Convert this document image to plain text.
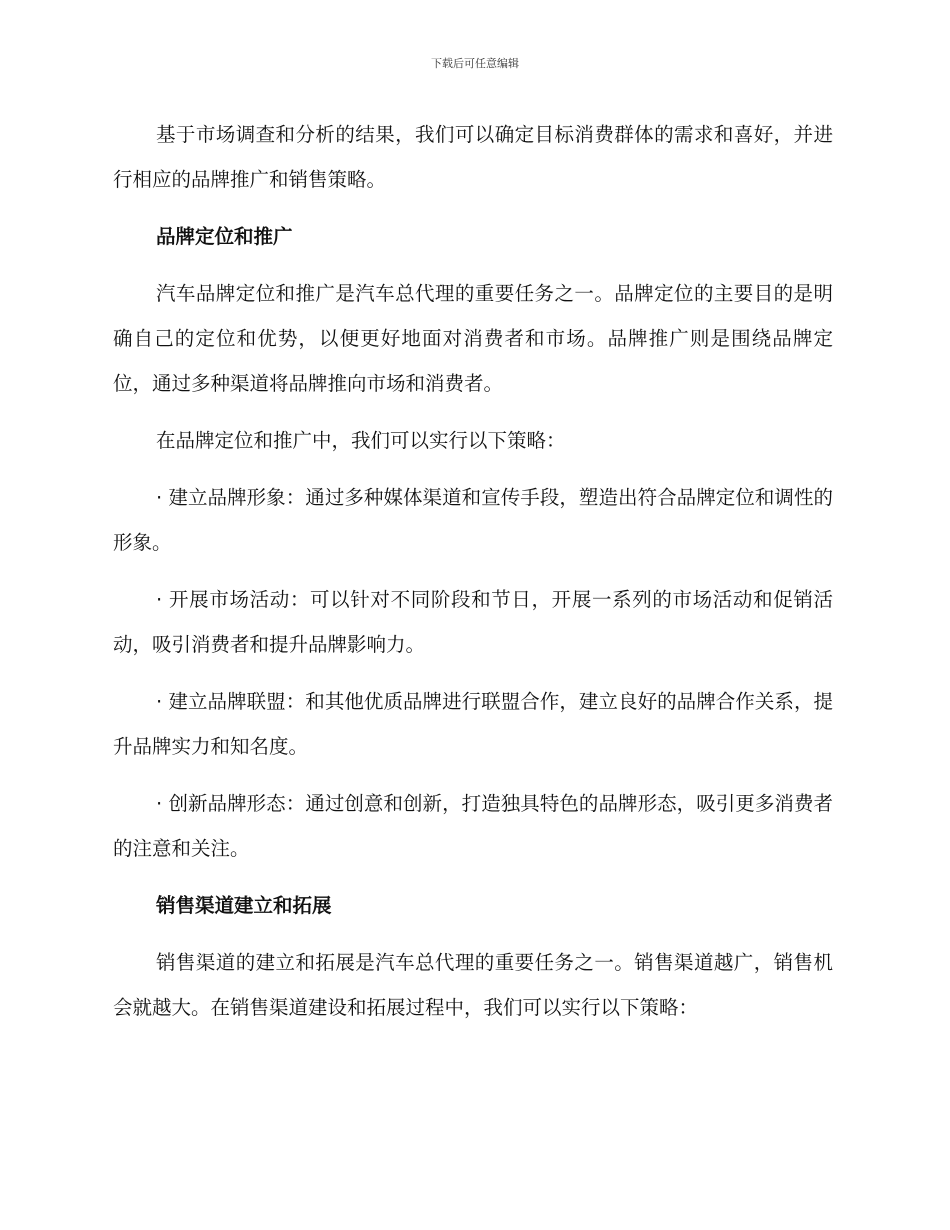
下载后可任意编辑

基于市场调查和分析的结果，我们可以确定目标消费群体的需求和喜好，并进行相应的品牌推广和销售策略。

品牌定位和推广

汽车品牌定位和推广是汽车总代理的重要任务之一。品牌定位的主要目的是明确自己的定位和优势，以便更好地面对消费者和市场。品牌推广则是围绕品牌定位，通过多种渠道将品牌推向市场和消费者。

在品牌定位和推广中，我们可以实行以下策略：

· 建立品牌形象：通过多种媒体渠道和宣传手段，塑造出符合品牌定位和调性的形象。

· 开展市场活动：可以针对不同阶段和节日，开展一系列的市场活动和促销活动，吸引消费者和提升品牌影响力。

· 建立品牌联盟：和其他优质品牌进行联盟合作，建立良好的品牌合作关系，提升品牌实力和知名度。

· 创新品牌形态：通过创意和创新，打造独具特色的品牌形态，吸引更多消费者的注意和关注。

销售渠道建立和拓展

销售渠道的建立和拓展是汽车总代理的重要任务之一。销售渠道越广，销售机会就越大。在销售渠道建设和拓展过程中，我们可以实行以下策略：
